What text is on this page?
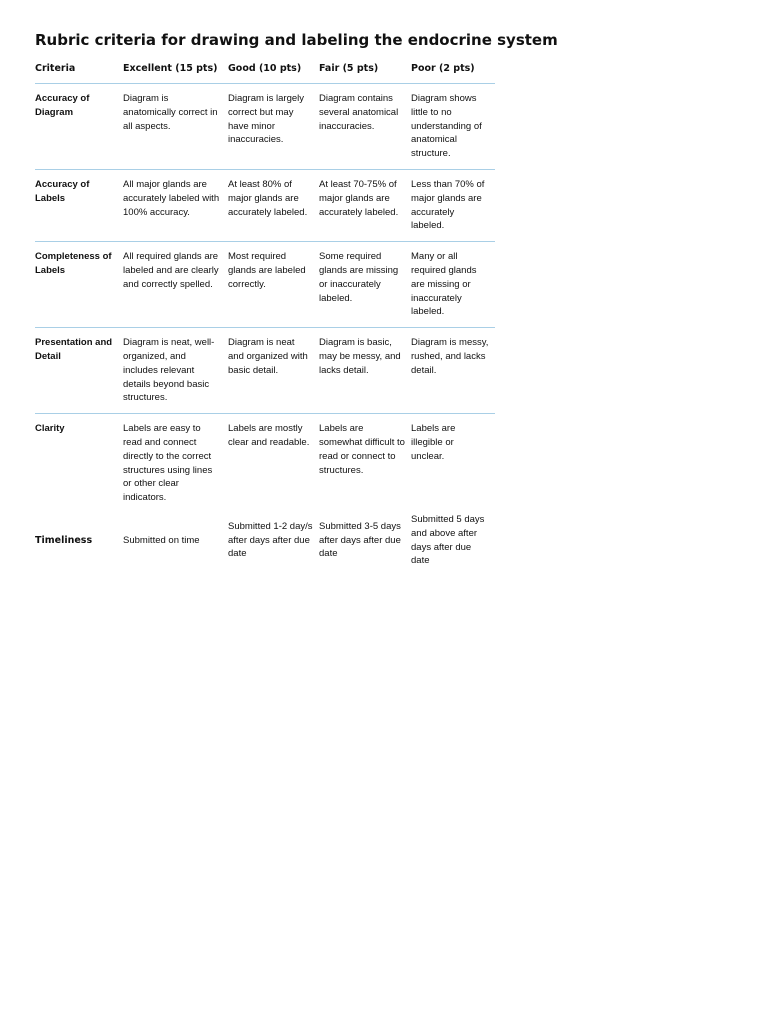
Rubric criteria for drawing and labeling the endocrine system
Criteria	Excellent (15 pts)	Good (10 pts)	Fair (5 pts)	Poor (2 pts)
Accuracy of Diagram	Diagram is anatomically correct in all aspects.	Diagram is largely correct but may have minor inaccuracies.	Diagram contains several anatomical inaccuracies.	Diagram shows little to no understanding of anatomical structure.
Accuracy of Labels	All major glands are accurately labeled with 100% accuracy.	At least 80% of major glands are accurately labeled.	At least 70-75% of major glands are accurately labeled.	Less than 70% of major glands are accurately labeled.
Completeness of Labels	All required glands are labeled and are clearly and correctly spelled.	Most required glands are labeled correctly.	Some required glands are missing or inaccurately labeled.	Many or all required glands are missing or inaccurately labeled.
Presentation and Detail	Diagram is neat, well-organized, and includes relevant details beyond basic structures.	Diagram is neat and organized with basic detail.	Diagram is basic, may be messy, and lacks detail.	Diagram is messy, rushed, and lacks detail.
Clarity	Labels are easy to read and connect directly to the correct structures using lines or other clear indicators.	Labels are mostly clear and readable.	Labels are somewhat difficult to read or connect to structures.	Labels are illegible or unclear.
Timeliness	Submitted on time	Submitted 1-2 day/s after days after due date	Submitted 3-5 days after days after due date	Submitted 5 days and above after days after due date
